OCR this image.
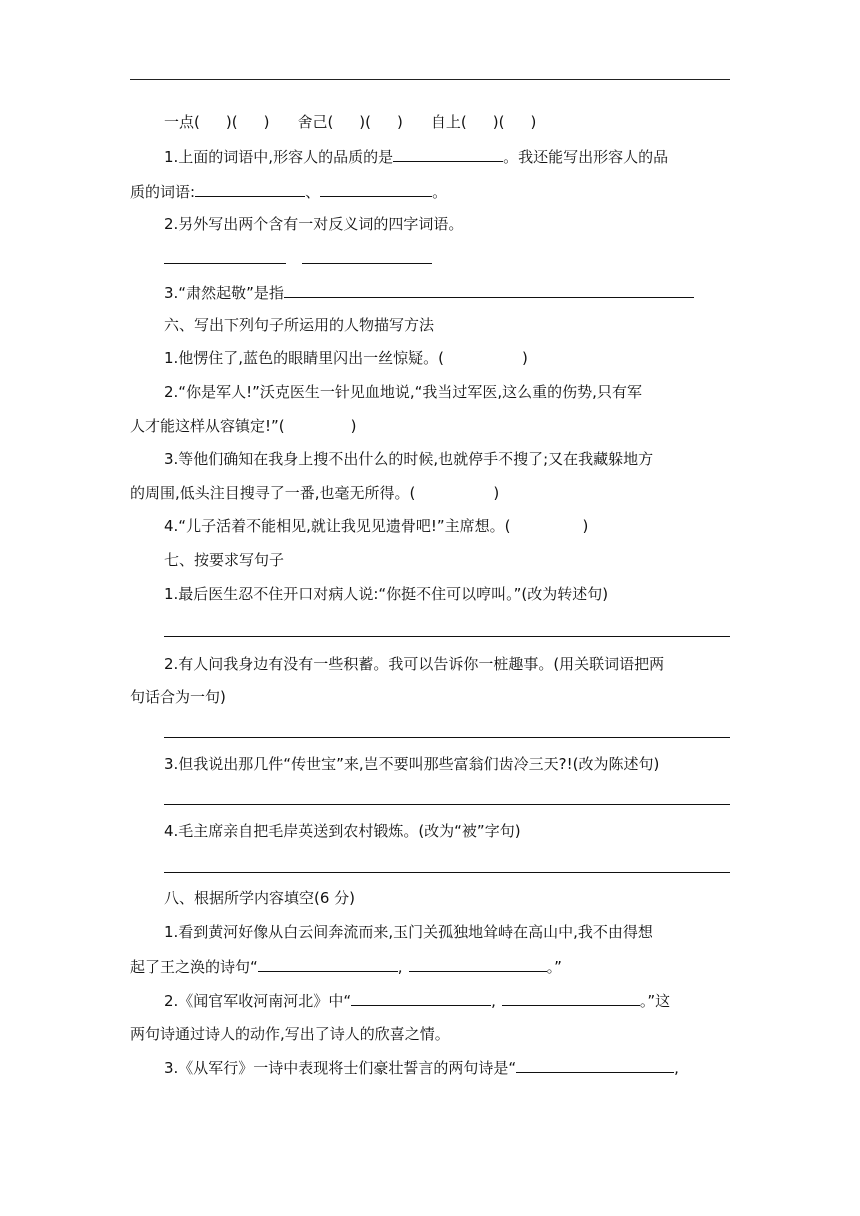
一点( )( ) 舍己( )( ) 自上( )( )
1.上面的词语中,形容人的品质的是	。我还能写出形容人的品
质的词语:	、	。
2.另外写出两个含有一对反义词的四字词语。
3.“肃然起敬”是指
六、写出下列句子所运用的人物描写方法
1.他愣住了,蓝色的眼睛里闪出一丝惊疑。(	)
2.“你是军人!”沃克医生一针见血地说,“我当过军医,这么重的伤势,只有军
人才能这样从容镇定!”(	)
3.等他们确知在我身上搜不出什么的时候,也就停手不搜了;又在我藏躲地方
的周围,低头注目搜寻了一番,也毫无所得。(	)
4.“儿子活着不能相见,就让我见见遗骨吧!”主席想。(	)
七、按要求写句子
1.最后医生忍不住开口对病人说:“你挺不住可以哼叫。”(改为转述句)
2.有人问我身边有没有一些积蓄。我可以告诉你一桩趣事。(用关联词语把两
句话合为一句)
3.但我说出那几件“传世宝”来,岂不要叫那些富翁们齿冷三天?!(改为陈述句)
4.毛主席亲自把毛岸英送到农村锻炼。(改为“被”字句)
八、根据所学内容填空(6 分)
1.看到黄河好像从白云间奔流而来,玉门关孤独地耸峙在高山中,我不由得想
起了王之涣的诗句“	,	。”
2.《闻官军收河南河北》中“	,	。”这
两句诗通过诗人的动作,写出了诗人的欣喜之情。
3.《从军行》一诗中表现将士们豪壮誓言的两句诗是“	,
